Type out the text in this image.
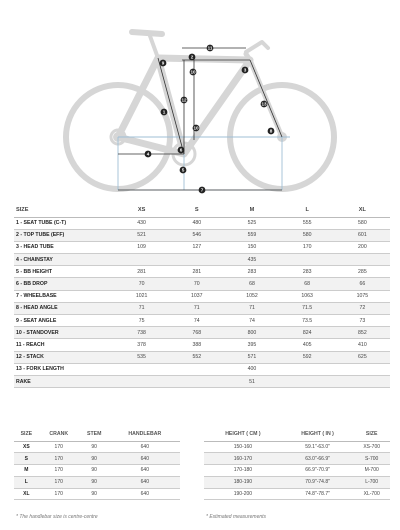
11
2
3
9
10
12
1
13
8
10
4
6
5
7
SIZE	XS	S	M	L	XL
1 - SEAT TUBE (C-T)	430	480	525	555	580
2 - TOP TUBE (EFF)	521	546	559	580	601
3 - HEAD TUBE	109	127	150	170	200
4 - CHAINSTAY			435		
5 - BB HEIGHT	281	281	283	283	285
6 - BB DROP	70	70	68	68	66
7 - WHEELBASE	1021	1037	1052	1063	1075
8 - HEAD ANGLE	71	71	71	71.5	72
9 - SEAT ANGLE	75	74	74	73.5	73
10 - STANDOVER	738	768	800	824	852
11 - REACH	378	388	395	405	410
12 - STACK	535	552	571	592	625
13 - FORK LENGTH			400		
RAKE			51		
SIZE	CRANK	STEM	HANDLEBAR
XS	170	90	640
S	170	90	640
M	170	90	640
L	170	90	640
XL	170	90	640
* The handlebar size is centre-centre
HEIGHT ( CM )	HEIGHT ( IN )	SIZE
150-160	59.1"-63.0"	XS-700
160-170	63.0"-66.9"	S-700
170-180	66.9"-70.9"	M-700
180-190	70.9"-74.8"	L-700
190-200	74.8"-78.7"	XL-700
* Estimated measurements
